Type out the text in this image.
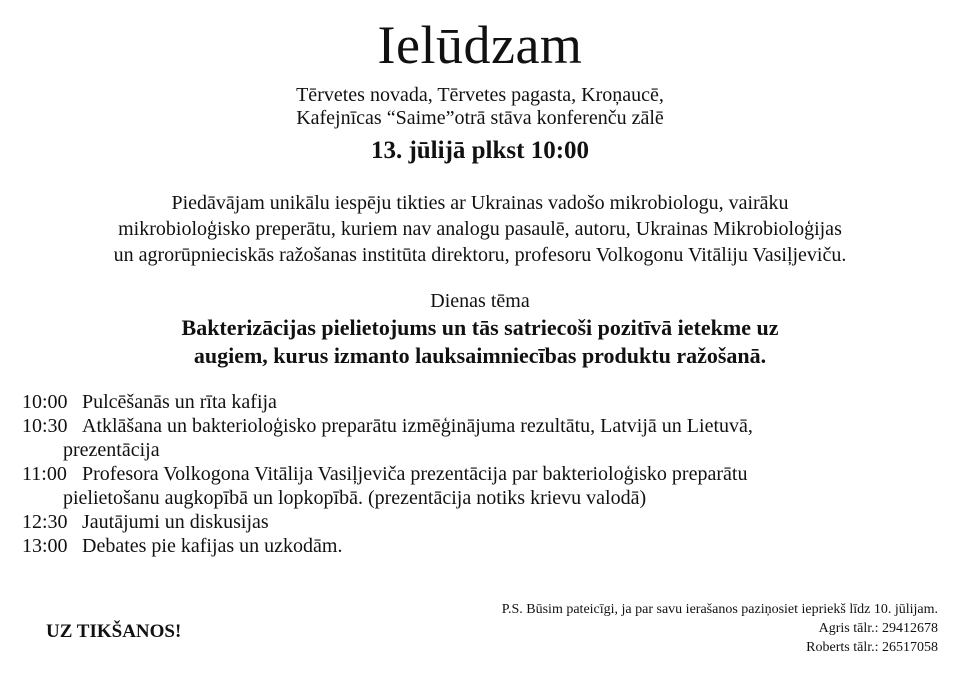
Ielūdzam
Tērvetes novada, Tērvetes pagasta, Kroņaucē,
Kafejnīcas “Saime”otrā stāva konferenču zālē
13. jūlijā plkst 10:00
Piedāvājam unikālu iespēju tikties ar Ukrainas vadošo mikrobiologu, vairāku
mikrobioloģisko preperātu, kuriem nav analogu pasaulē, autoru, Ukrainas Mikrobioloģijas
un agrorūpnieciskās ražošanas institūta direktoru, profesoru Volkogonu Vitāliju Vasiļjeviču.
Dienas tēma
Bakterizācijas pielietojums un tās satriecoši pozitīvā ietekme uz
augiem, kurus izmanto lauksaimniecības produktu ražošanā.
10:00 Pulcēšanās un rīta kafija
10:30 Atklāšana un bakterioloģisko preparātu izmēģinājuma rezultātu, Latvijā un Lietuvā,
prezentācija
11:00 Profesora Volkogona Vitālija Vasiļjeviča prezentācija par bakterioloģisko preparātu
pielietošanu augkopībā un lopkopībā. (prezentācija notiks krievu valodā)
12:30 Jautājumi un diskusijas
13:00 Debates pie kafijas un uzkodām.
UZ TIKŠANOS!
P.S. Būsim pateicīgi, ja par savu ierašanos paziņosiet iepriekš līdz 10. jūlijam.
Agris tālr.: 29412678
Roberts tālr.: 26517058
